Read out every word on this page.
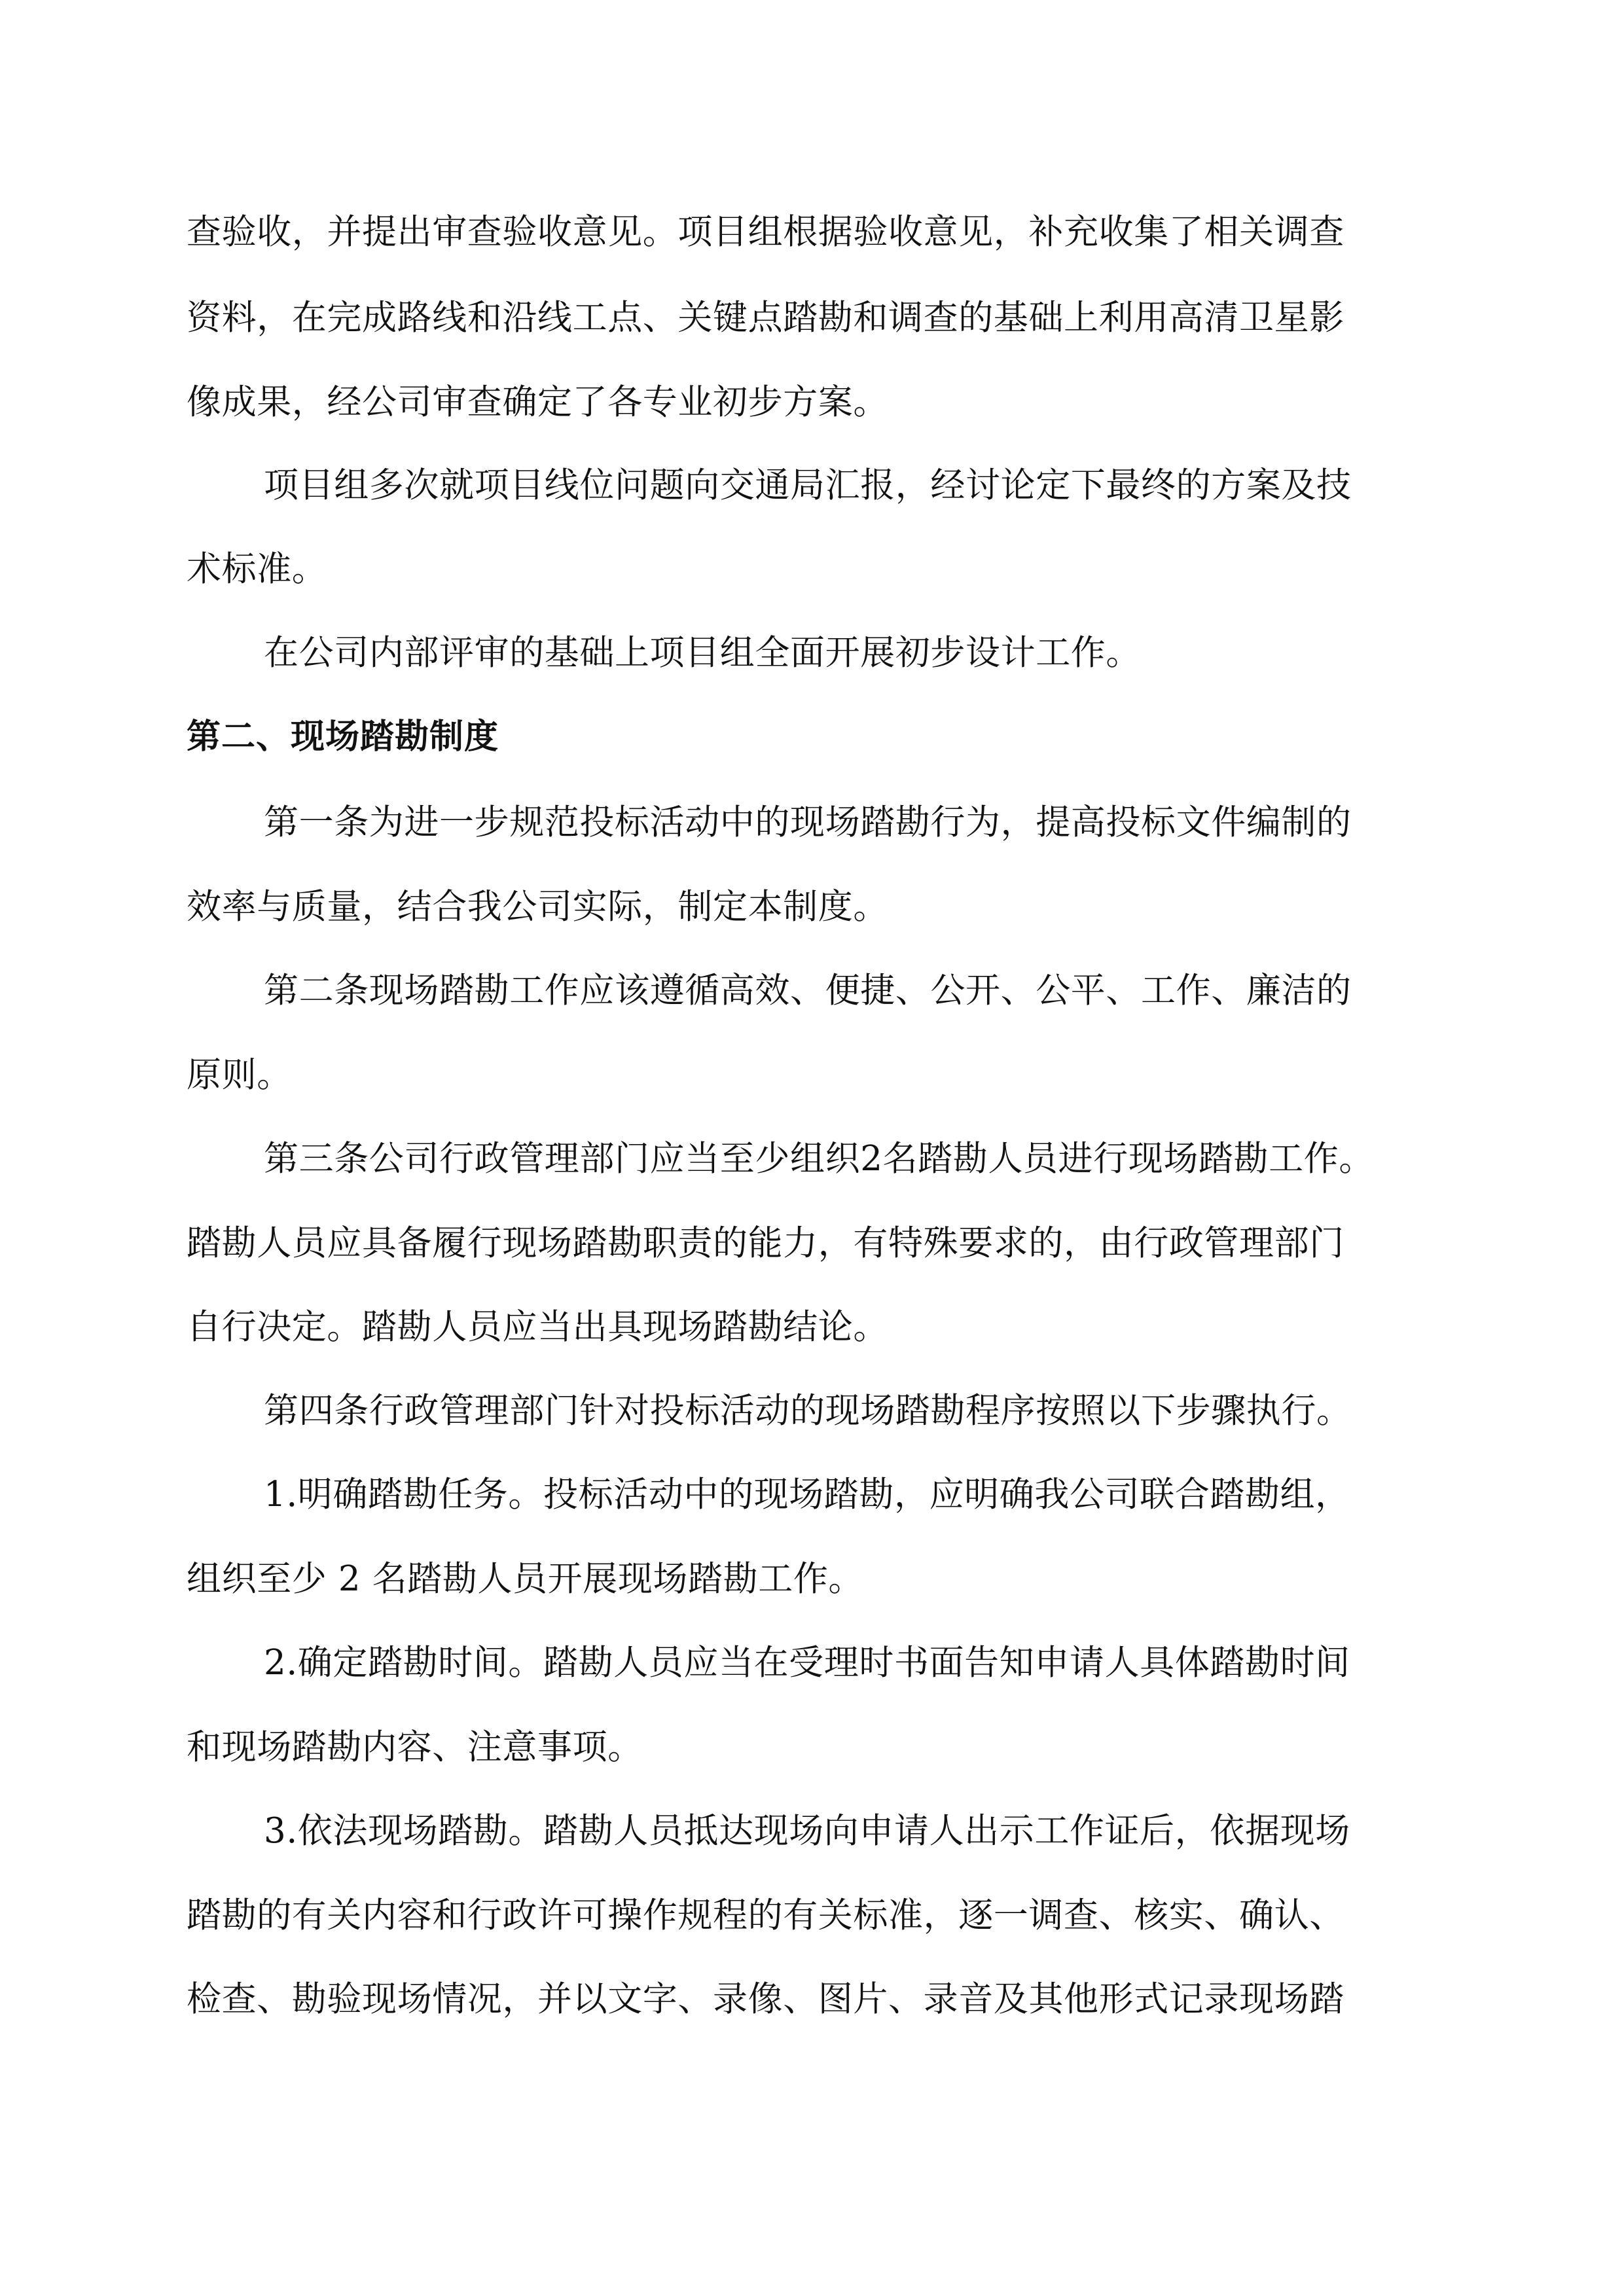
查验收，并提出审查验收意见。项目组根据验收意见，补充收集了相关调查
资料，在完成路线和沿线工点、关键点踏勘和调查的基础上利用高清卫星影
像成果，经公司审查确定了各专业初步方案。
项目组多次就项目线位问题向交通局汇报，经讨论定下最终的方案及技
术标准。
在公司内部评审的基础上项目组全面开展初步设计工作。
第二、现场踏勘制度
第一条为进一步规范投标活动中的现场踏勘行为，提高投标文件编制的
效率与质量，结合我公司实际，制定本制度。
第二条现场踏勘工作应该遵循高效、便捷、公开、公平、工作、廉洁的
原则。
第三条公司行政管理部门应当至少组织2名踏勘人员进行现场踏勘工作。
踏勘人员应具备履行现场踏勘职责的能力，有特殊要求的，由行政管理部门
自行决定。踏勘人员应当出具现场踏勘结论。
第四条行政管理部门针对投标活动的现场踏勘程序按照以下步骤执行。
1.明确踏勘任务。投标活动中的现场踏勘，应明确我公司联合踏勘组，
组织至少 2 名踏勘人员开展现场踏勘工作。
2.确定踏勘时间。踏勘人员应当在受理时书面告知申请人具体踏勘时间
和现场踏勘内容、注意事项。
3.依法现场踏勘。踏勘人员抵达现场向申请人出示工作证后，依据现场
踏勘的有关内容和行政许可操作规程的有关标准，逐一调查、核实、确认、
检查、勘验现场情况，并以文字、录像、图片、录音及其他形式记录现场踏
